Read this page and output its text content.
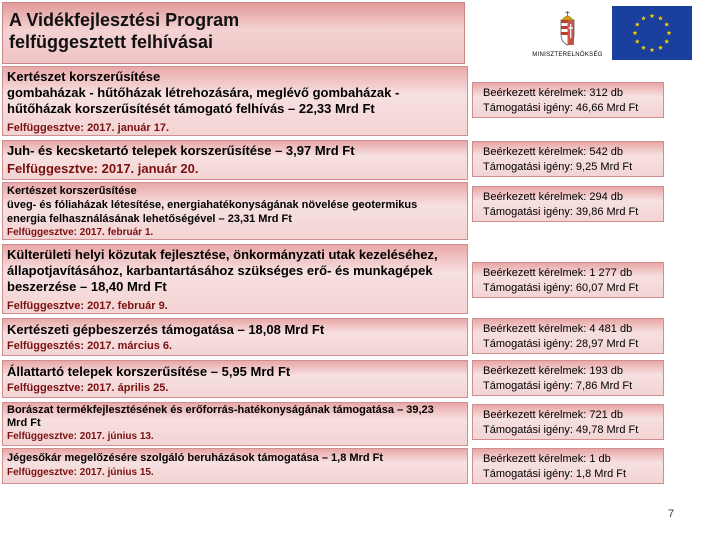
A Vidékfejlesztési Program
felfüggesztett felhívásai
MINISZTERELNÖKSÉG
Kertészet korszerűsítése
gombaházak - hűtőházak létrehozására, meglévő gombaházak -
hűtőházak korszerűsítését támogató felhívás – 22,33 Mrd Ft
Felfüggesztve: 2017. január 17.
Beérkezett kérelmek: 312 db
Támogatási igény: 46,66 Mrd Ft
Juh- és kecsketartó telepek korszerűsítése – 3,97 Mrd Ft
Felfüggesztve: 2017. január 20.
Beérkezett kérelmek: 542 db
Támogatási igény: 9,25 Mrd Ft
Kertészet korszerűsítése
üveg- és fóliaházak létesítése, energiahatékonyságának növelése geotermikus
energia felhasználásának lehetőségével – 23,31 Mrd Ft
Felfüggesztve: 2017. február 1.
Beérkezett kérelmek: 294 db
Támogatási igény: 39,86 Mrd Ft
Külterületi helyi közutak fejlesztése, önkormányzati utak kezeléséhez,
állapotjavításához, karbantartásához szükséges erő- és munkagépek
beszerzése – 18,40 Mrd Ft
Felfüggesztve: 2017. február 9.
Beérkezett kérelmek: 1 277 db
Támogatási igény: 60,07 Mrd Ft
Kertészeti gépbeszerzés támogatása – 18,08 Mrd Ft
Felfüggesztés: 2017. március 6.
Beérkezett kérelmek: 4 481 db
Támogatási igény: 28,97 Mrd Ft
Állattartó telepek korszerűsítése – 5,95 Mrd Ft
Felfüggesztve: 2017. április 25.
Beérkezett kérelmek: 193 db
Támogatási igény: 7,86 Mrd Ft
Borászat termékfejlesztésének és erőforrás-hatékonyságának támogatása – 39,23
Mrd Ft
Felfüggesztve: 2017. június 13.
Beérkezett kérelmek: 721 db
Támogatási igény: 49,78 Mrd Ft
Jégesőkár megelőzésére szolgáló beruházások támogatása – 1,8 Mrd Ft
Felfüggesztve: 2017. június 15.
Beérkezett kérelmek: 1 db
Támogatási igény: 1,8 Mrd Ft
7
